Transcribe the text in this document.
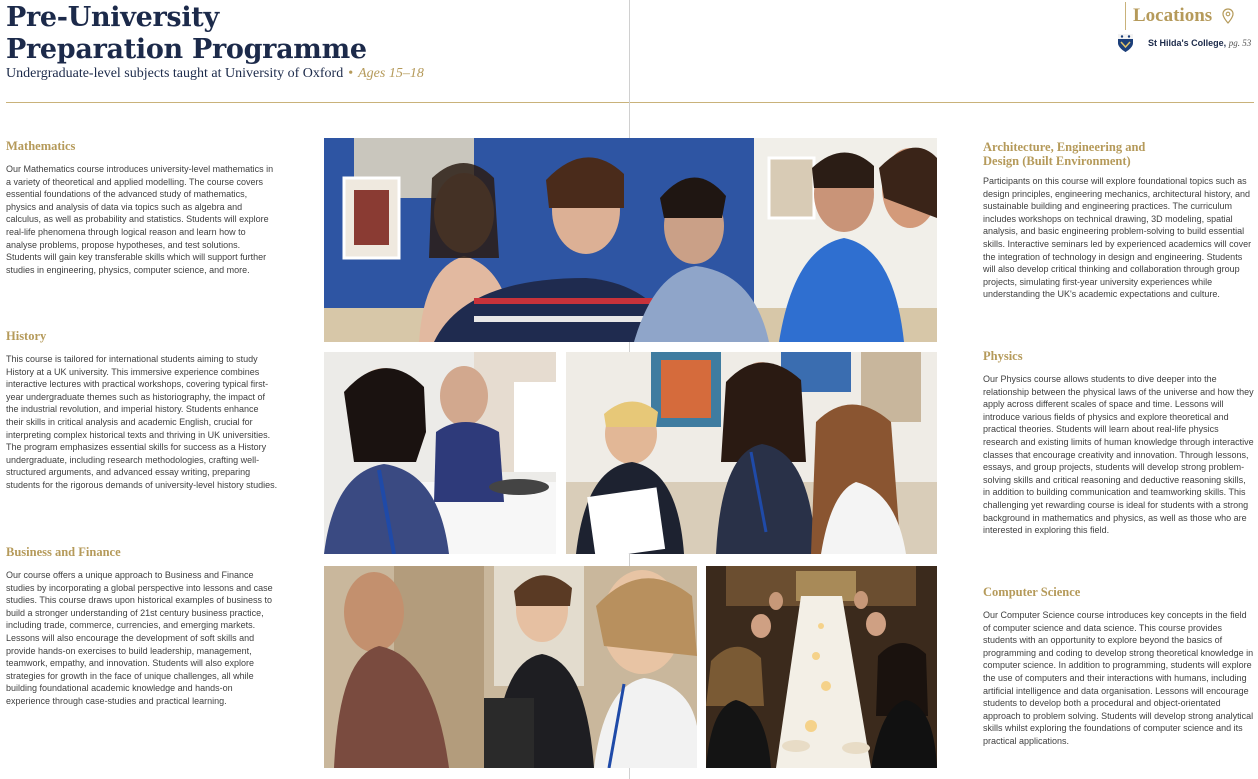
Pre-University
Preparation Programme
Undergraduate-level subjects taught at University of Oxford • Ages 15–18
Locations
St Hilda's College, pg. 53
Mathematics

Our Mathematics course introduces university-level mathematics in a variety of theoretical and applied modelling. The course covers essential foundations of the advanced study of mathematics, physics and analysis of data via topics such as algebra and calculus, as well as probability and statistics. Students will explore real-life phenomena through logical reason and learn how to analyse problems, propose hypotheses, and test solutions. Students will gain key transferable skills which will support further studies in engineering, physics, computer science, and more.

History

This course is tailored for international students aiming to study History at a UK university. This immersive experience combines interactive lectures with practical workshops, covering typical first-year undergraduate themes such as historiography, the impact of the industrial revolution, and imperial history. Students enhance their skills in critical analysis and academic English, crucial for interpreting complex historical texts and thriving in UK universities. The program emphasizes essential skills for success as a History undergraduate, including research methodologies, crafting well-structured arguments, and advanced essay writing, preparing students for the rigorous demands of university-level history studies.

Business and Finance

Our course offers a unique approach to Business and Finance studies by incorporating a global perspective into lessons and case studies. This course draws upon historical examples of business to build a stronger understanding of 21st century business practice, including trade, commerce, currencies, and emerging markets. Lessons will also encourage the development of soft skills and provide hands-on exercises to build leadership, management, teamwork, empathy, and innovation. Students will also explore strategies for growth in the face of unique challenges, all while building foundational academic knowledge and hands-on experience through case-studies and practical learning.

Architecture, Engineering and Design (Built Environment)

Participants on this course will explore foundational topics such as design principles, engineering mechanics, architectural history, and sustainable building and engineering practices. The curriculum includes workshops on technical drawing, 3D modeling, spatial analysis, and basic engineering problem-solving to build essential skills. Interactive seminars led by experienced academics will cover the integration of technology in design and engineering. Students will also develop critical thinking and collaboration through group projects, simulating first-year university experiences while understanding the UK's academic expectations and culture.

Physics

Our Physics course allows students to dive deeper into the relationship between the physical laws of the universe and how they apply across different scales of space and time. Lessons will introduce various fields of physics and explore theoretical and practical theories. Students will learn about real-life physics research and existing limits of human knowledge through interactive classes that encourage creativity and innovation. Through lessons, essays, and group projects, students will develop strong problem-solving skills and critical reasoning and deductive reasoning skills, in addition to building communication and teamworking skills. This challenging yet rewarding course is ideal for students with a strong background in mathematics and physics, as well as those who are interested in exploring this field.

Computer Science

Our Computer Science course introduces key concepts in the field of computer science and data science. This course provides students with an opportunity to explore beyond the basics of programming and coding to develop strong theoretical knowledge in computer science. In addition to programming, students will explore the use of computers and their interactions with humans, including artificial intelligence and data organisation. Lessons will encourage students to develop both a procedural and object-orientated approach to problem solving. Students will develop strong analytical skills whilst exploring the foundations of computer science and its practical applications.
